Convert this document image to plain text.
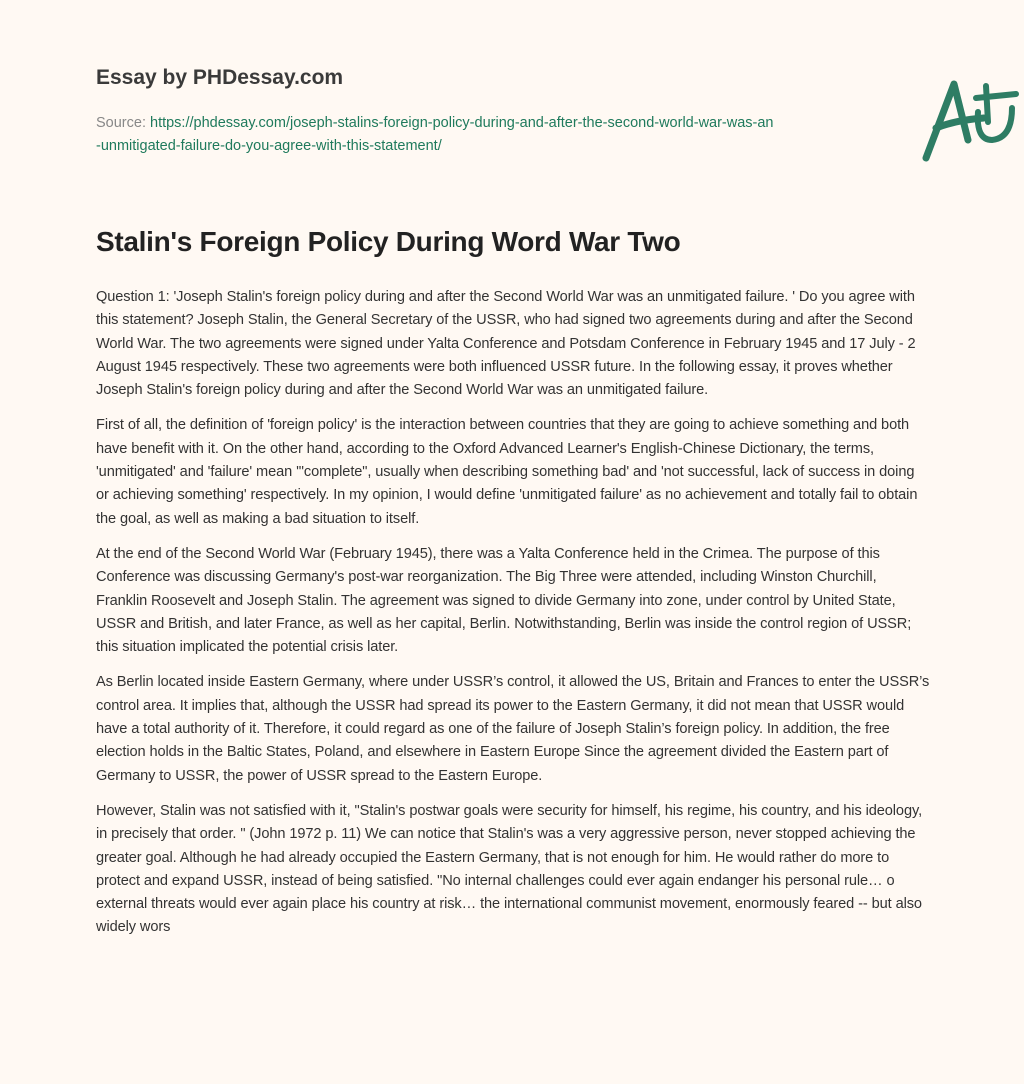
Essay by PHDessay.com
Source: https://phdessay.com/joseph-stalins-foreign-policy-during-and-after-the-second-world-war-was-an-unmitigated-failure-do-you-agree-with-this-statement/
Stalin's Foreign Policy During Word War Two

Question 1: 'Joseph Stalin's foreign policy during and after the Second World War was an unmitigated failure. ' Do you agree with this statement? Joseph Stalin, the General Secretary of the USSR, who had signed two agreements during and after the Second World War. The two agreements were signed under Yalta Conference and Potsdam Conference in February 1945 and 17 July - 2 August 1945 respectively. These two agreements were both influenced USSR future. In the following essay, it proves whether Joseph Stalin's foreign policy during and after the Second World War was an unmitigated failure.

First of all, the definition of 'foreign policy' is the interaction between countries that they are going to achieve something and both have benefit with it. On the other hand, according to the Oxford Advanced Learner's English-Chinese Dictionary, the terms, 'unmitigated' and 'failure' mean '"complete", usually when describing something bad' and 'not successful, lack of success in doing or achieving something' respectively. In my opinion, I would define 'unmitigated failure' as no achievement and totally fail to obtain the goal, as well as making a bad situation to itself.

At the end of the Second World War (February 1945), there was a Yalta Conference held in the Crimea. The purpose of this Conference was discussing Germany's post-war reorganization. The Big Three were attended, including Winston Churchill, Franklin Roosevelt and Joseph Stalin. The agreement was signed to divide Germany into zone, under control by United State, USSR and British, and later France, as well as her capital, Berlin. Notwithstanding, Berlin was inside the control region of USSR; this situation implicated the potential crisis later.

As Berlin located inside Eastern Germany, where under USSR’s control, it allowed the US, Britain and Frances to enter the USSR’s control area. It implies that, although the USSR had spread its power to the Eastern Germany, it did not mean that USSR would have a total authority of it. Therefore, it could regard as one of the failure of Joseph Stalin’s foreign policy. In addition, the free election holds in the Baltic States, Poland, and elsewhere in Eastern Europe Since the agreement divided the Eastern part of Germany to USSR, the power of USSR spread to the Eastern Europe.

However, Stalin was not satisfied with it, "Stalin's postwar goals were security for himself, his regime, his country, and his ideology, in precisely that order. " (John 1972 p. 11) We can notice that Stalin's was a very aggressive person, never stopped achieving the greater goal. Although he had already occupied the Eastern Germany, that is not enough for him. He would rather do more to protect and expand USSR, instead of being satisfied. "No internal challenges could ever again endanger his personal rule… o external threats would ever again place his country at risk… the international communist movement, enormously feared -- but also widely wors
